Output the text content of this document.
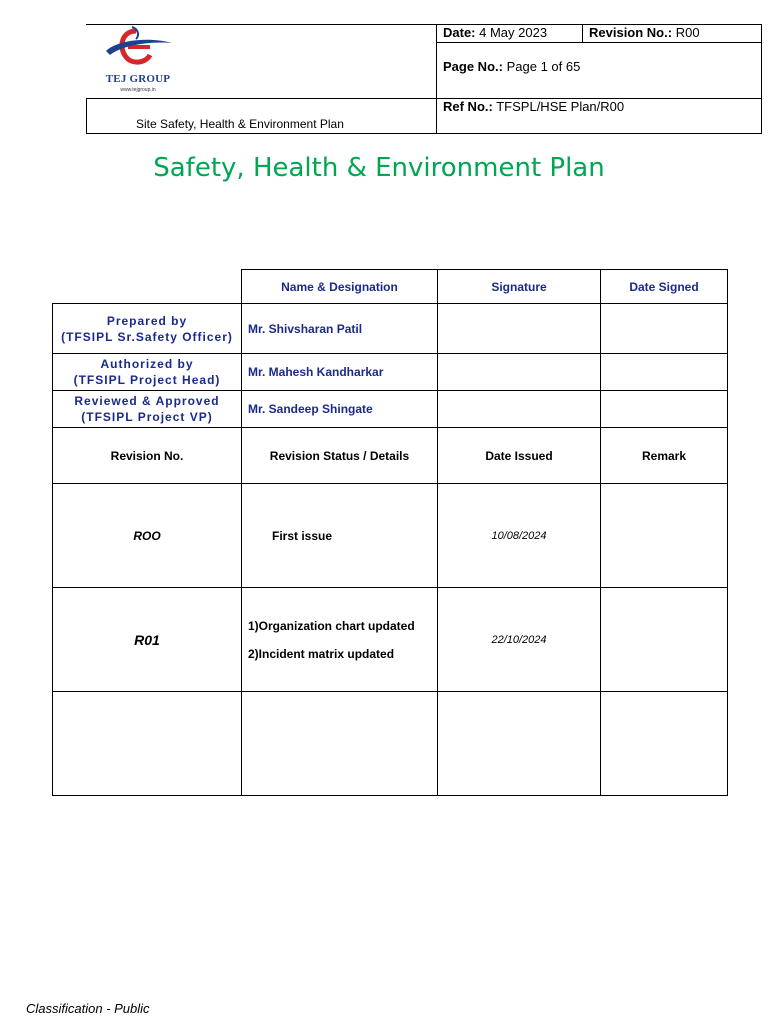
TEJ GROUP
www.tejgroup.in
Site Safety, Health & Environment Plan
Date: 4 May 2023	Revision No.: R00
Page No.: Page 1 of 65
Ref No.: TFSPL/HSE Plan/R00
Safety, Health & Environment Plan
	Name & Designation	Signature	Date Signed

Prepared by
(TFSIPL Sr.Safety Officer)	Mr. Shivsharan Patil		

Authorized by
(TFSIPL Project Head)	Mr. Mahesh Kandharkar		

Reviewed & Approved
(TFSIPL Project VP)	Mr. Sandeep Shingate		
Revision No.	Revision Status / Details	Date Issued	Remark
ROO	First issue	10/08/2024	
R01	1)Organization chart updated
2)Incident matrix updated	22/10/2024	

Classification - Public
